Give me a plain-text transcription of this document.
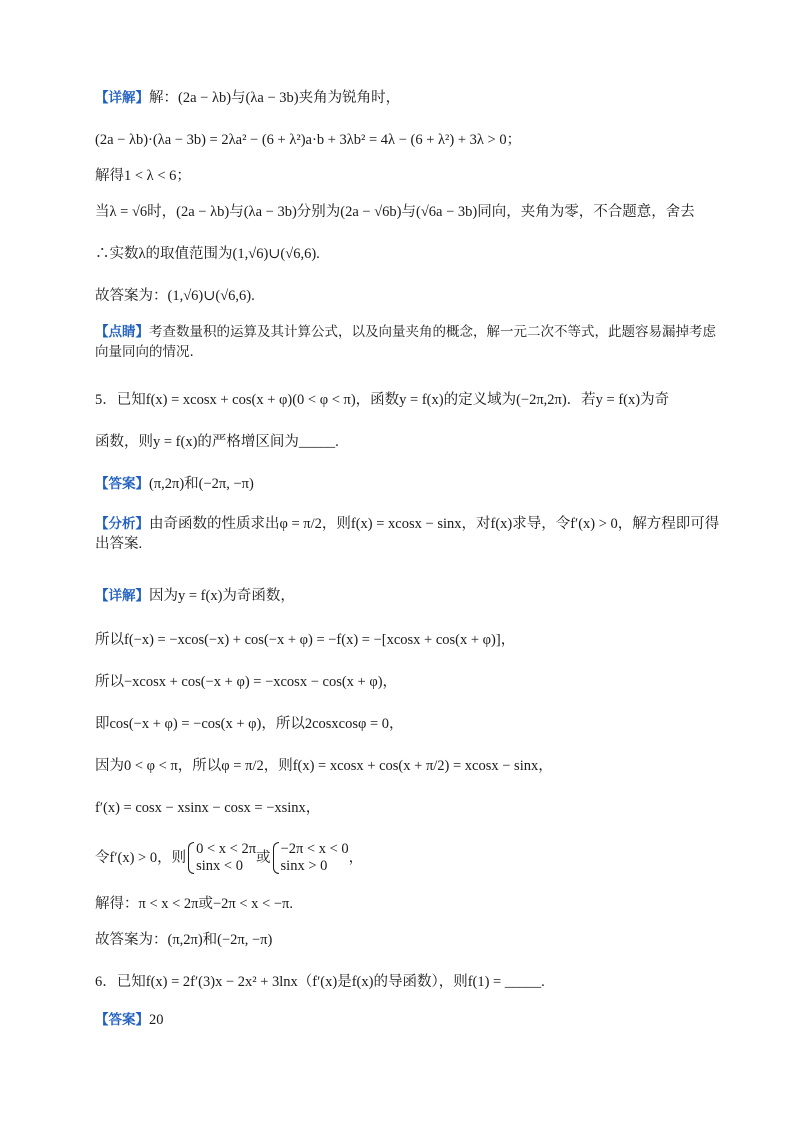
【详解】解：(2a − λb)与(λa − 3b)夹角为锐角时，
(2a − λb)·(λa − 3b) = 2λa² − (6 + λ²)a·b + 3λb² = 4λ − (6 + λ²) + 3λ > 0；
解得1 < λ < 6；
当λ = √6时，(2a − λb)与(λa − 3b)分别为(2a − √6b)与(√6a − 3b)同向，夹角为零，不合题意，舍去
∴实数λ的取值范围为(1,√6)∪(√6,6).
故答案为：(1,√6)∪(√6,6).
【点睛】考查数量积的运算及其计算公式，以及向量夹角的概念，解一元二次不等式，此题容易漏掉考虑向量同向的情况.
5．已知f(x) = xcosx + cos(x + φ)(0 < φ < π)，函数y = f(x)的定义域为(−2π,2π)．若y = f(x)为奇
函数，则y = f(x)的严格增区间为_____.
【答案】(π,2π)和(−2π, −π)
【分析】由奇函数的性质求出φ = π/2，则f(x) = xcosx − sinx，对f(x)求导，令f′(x) > 0，解方程即可得出答案.
【详解】因为y = f(x)为奇函数，
所以f(−x) = −xcos(−x) + cos(−x + φ) = −f(x) = −[xcosx + cos(x + φ)]，
所以−xcosx + cos(−x + φ) = −xcosx − cos(x + φ)，
即cos(−x + φ) = −cos(x + φ)，所以2cosxcosφ = 0，
因为0 < φ < π，所以φ = π/2，则f(x) = xcosx + cos(x + π/2) = xcosx − sinx，
f′(x) = cosx − xsinx − cosx = −xsinx，
令f′(x) > 0，则
0 < x < 2π
sinx < 0 或
−2π < x < 0
sinx > 0	，
解得：π < x < 2π或−2π < x < −π.
故答案为：(π,2π)和(−2π, −π)
6．已知f(x) = 2f′(3)x − 2x² + 3lnx（f′(x)是f(x)的导函数），则f(1) = _____.
【答案】20
